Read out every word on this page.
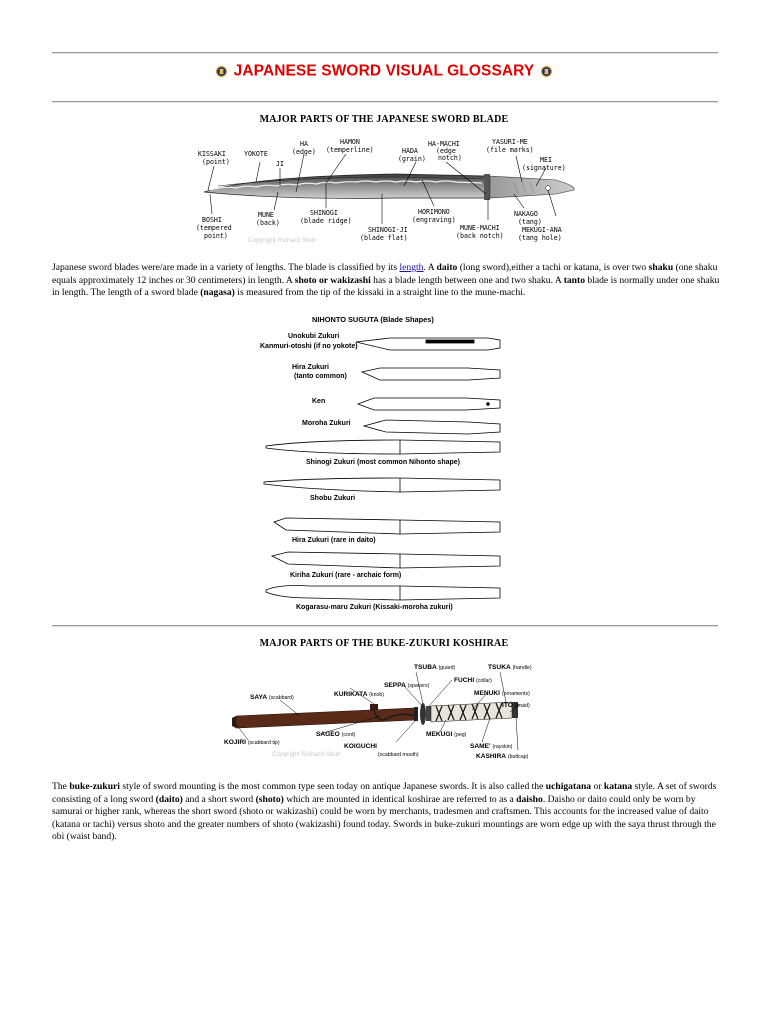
JAPANESE SWORD VISUAL GLOSSARY
MAJOR PARTS OF THE JAPANESE SWORD BLADE
KISSAKI
(point)
YOKOTE
HA
(edge)
JI
HAMON
(temperline)	HADA
(grain)
HA-MACHI
(edge
notch)
YASURI-ME
(file marks)
MEI
(signature)
BOSHI
(tempered
point)
MUNE
(back)
SHINOGI
(blade ridge)
HORIMONO
(engraving)
NAKAGO
(tang)
SHINOGI-JI
(blade flat)
MUNE-MACHI
(back notch)
MEKUGI-ANA
(tang hole)
Copyright Richard Stein

Japanese sword blades were/are made in a variety of lengths. The blade is classified by its length. A daito (long sword),either a tachi or katana, is over two shaku (one shaku equals approximately 12 inches or 30 centimeters) in length. A shoto or wakizashi has a blade length between one and two shaku. A tanto blade is normally under one shaku in length. The length of a sword blade (nagasa) is measured from the tip of the kissaki in a straight line to the mune-machi.

NIHONTO SUGUTA (Blade Shapes)
Unokubi Zukuri
Kanmuri-otoshi (if no yokote)
Hira Zukuri
(tanto common)
Ken
Moroha Zukuri
Shinogi Zukuri (most common Nihonto shape)
Shobu Zukuri
Hira Zukuri (rare in daito)
Kiriha Zukuri (rare - archaic form)
Kogarasu-maru Zukuri (Kissaki-moroha zukuri)
MAJOR PARTS OF THE BUKE-ZUKURI KOSHIRAE
TSUBA (guard)	TSUKA (handle)
FUCHI (collar)
SEPPA (spacers)
MENUKI (ornaments)
SAYA (scabbard)	KURIKATA (knob)
ITO (braid)
KOJIRI (scabbard tip)
SAGEO (cord)	MEKUGI (peg)
KOIGUCHI
(scabbard mouth)
SAME' (rayskin)
KASHIRA (buttcap)
Copyright Richard Stein

The buke-zukuri style of sword mounting is the most common type seen today on antique Japanese swords. It is also called the uchigatana or katana style. A set of swords consisting of a long sword (daito) and a short sword (shoto) which are mounted in identical koshirae are referred to as a daisho. Daisho or daito could only be worn by samurai or higher rank, whereas the short sword (shoto or wakizashi) could be worn by merchants, tradesmen and craftsmen. This accounts for the increased value of daito (katana or tachi) versus shoto and the greater numbers of shoto (wakizashi) found today. Swords in buke-zukuri mountings are worn edge up with the saya thrust through the obi (waist band).
